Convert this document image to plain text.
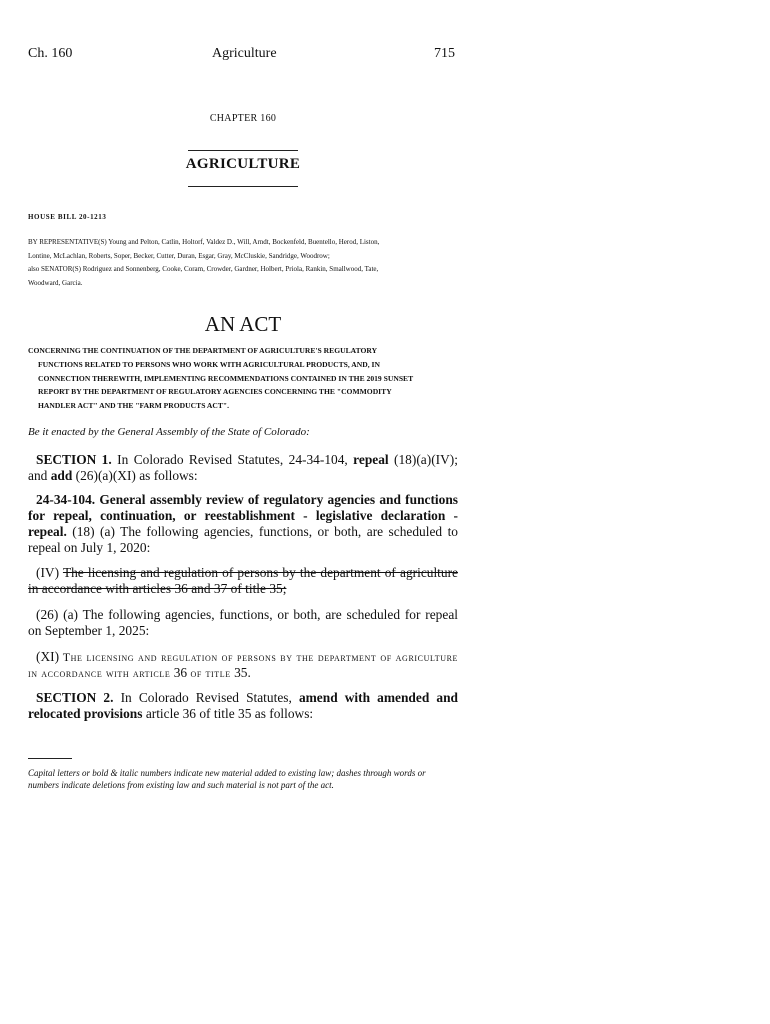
Ch. 160	Agriculture	715
CHAPTER 160
AGRICULTURE
HOUSE BILL 20-1213
BY REPRESENTATIVE(S) Young and Pelton, Catlin, Holtorf, Valdez D., Will, Arndt, Bockenfeld, Buentello, Herod, Liston,
Lontine, McLachlan, Roberts, Soper, Becker, Cutter, Duran, Esgar, Gray, McCluskie, Sandridge, Woodrow;
also SENATOR(S) Rodriguez and Sonnenberg, Cooke, Coram, Crowder, Gardner, Holbert, Priola, Rankin, Smallwood, Tate,
Woodward, Garcia.
AN ACT
CONCERNING THE CONTINUATION OF THE DEPARTMENT OF AGRICULTURE'S REGULATORY
FUNCTIONS RELATED TO PERSONS WHO WORK WITH AGRICULTURAL PRODUCTS, AND, IN
CONNECTION THEREWITH, IMPLEMENTING RECOMMENDATIONS CONTAINED IN THE 2019 SUNSET
REPORT BY THE DEPARTMENT OF REGULATORY AGENCIES CONCERNING THE "COMMODITY
HANDLER ACT" AND THE "FARM PRODUCTS ACT".
Be it enacted by the General Assembly of the State of Colorado:
SECTION 1. In Colorado Revised Statutes, 24-34-104, repeal (18)(a)(IV); and add (26)(a)(XI) as follows:
24-34-104. General assembly review of regulatory agencies and functions for repeal, continuation, or reestablishment - legislative declaration - repeal. (18) (a) The following agencies, functions, or both, are scheduled to repeal on July 1, 2020:
(IV) The licensing and regulation of persons by the department of agriculture in accordance with articles 36 and 37 of title 35;
(26) (a) The following agencies, functions, or both, are scheduled for repeal on September 1, 2025:
(XI) The licensing and regulation of persons by the department of agriculture in accordance with article 36 of title 35.
SECTION 2. In Colorado Revised Statutes, amend with amended and relocated provisions article 36 of title 35 as follows:
Capital letters or bold & italic numbers indicate new material added to existing law; dashes through words or numbers indicate deletions from existing law and such material is not part of the act.
